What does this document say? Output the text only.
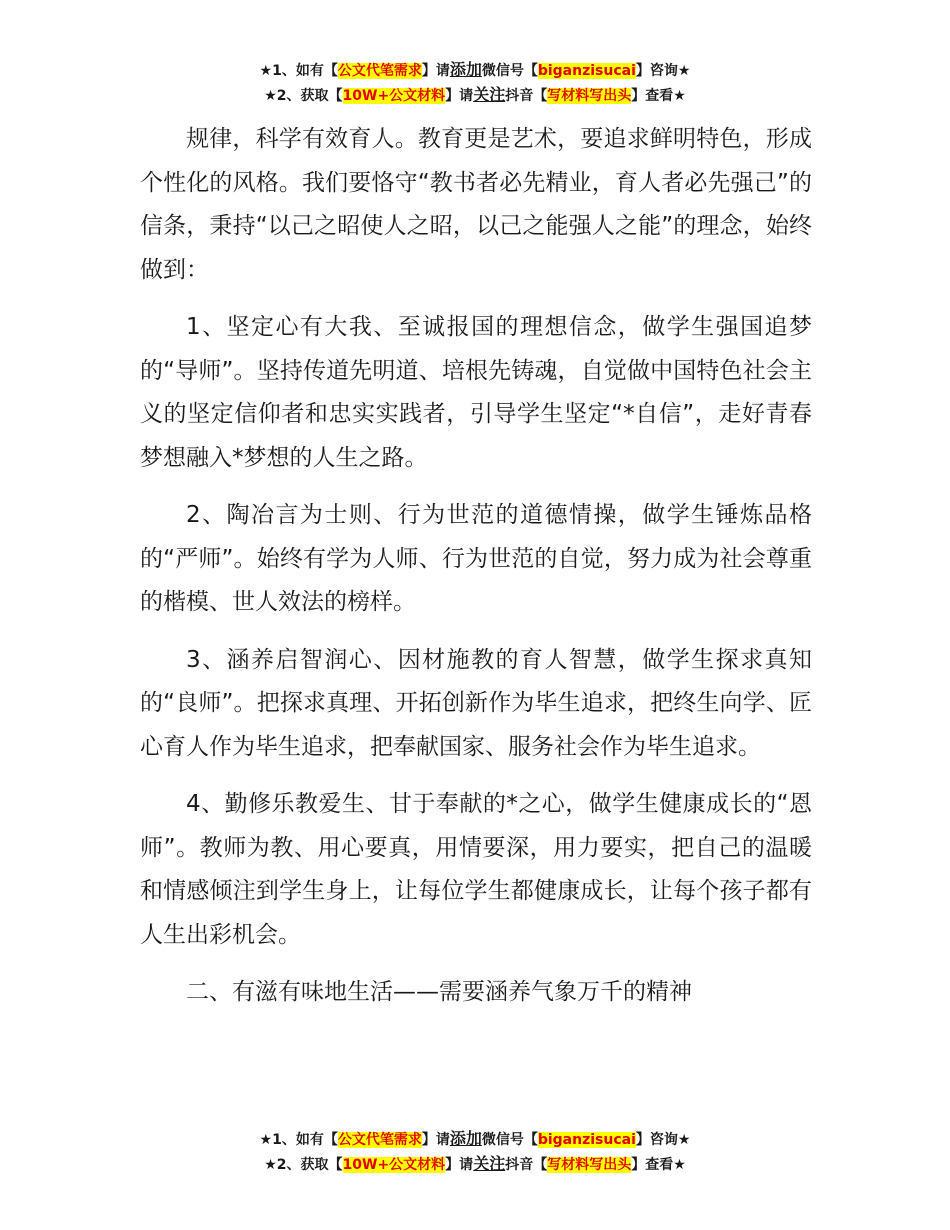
★1、如有【公文代笔需求】请添加微信号【biganzisucai】咨询★
★2、获取【10W+公文材料】请关注抖音【写材料写出头】查看★

规律，科学有效育人。教育更是艺术，要追求鲜明特色，形成个性化的风格。我们要恪守“教书者必先精业，育人者必先强己”的信条，秉持“以己之昭使人之昭，以己之能强人之能”的理念，始终做到：

1、坚定心有大我、至诚报国的理想信念，做学生强国追梦的“导师”。坚持传道先明道、培根先铸魂，自觉做中国特色社会主义的坚定信仰者和忠实实践者，引导学生坚定“*自信”，走好青春梦想融入*梦想的人生之路。

2、陶冶言为士则、行为世范的道德情操，做学生锤炼品格的“严师”。始终有学为人师、行为世范的自觉，努力成为社会尊重的楷模、世人效法的榜样。

3、涵养启智润心、因材施教的育人智慧，做学生探求真知的“良师”。把探求真理、开拓创新作为毕生追求，把终生向学、匠心育人作为毕生追求，把奉献国家、服务社会作为毕生追求。

4、勤修乐教爱生、甘于奉献的*之心，做学生健康成长的“恩师”。教师为教、用心要真，用情要深，用力要实，把自己的温暖和情感倾注到学生身上，让每位学生都健康成长，让每个孩子都有人生出彩机会。

二、有滋有味地生活——需要涵养气象万千的精神

★1、如有【公文代笔需求】请添加微信号【biganzisucai】咨询★
★2、获取【10W+公文材料】请关注抖音【写材料写出头】查看★
